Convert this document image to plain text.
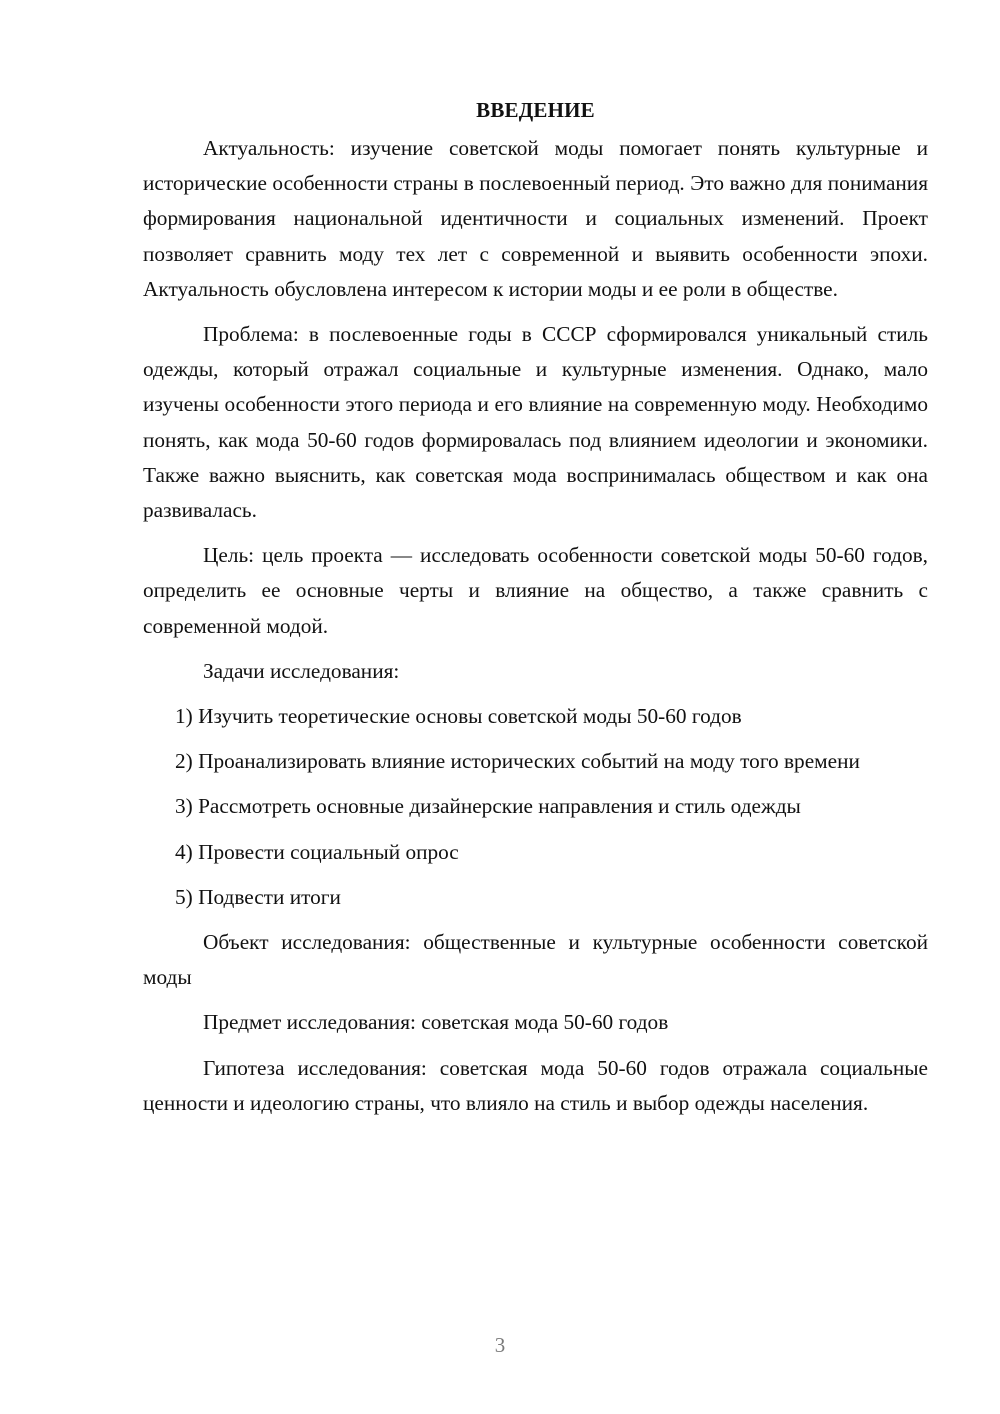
ВВЕДЕНИЕ

Актуальность: изучение советской моды помогает понять культурные и исторические особенности страны в послевоенный период. Это важно для понимания формирования национальной идентичности и социальных изменений. Проект позволяет сравнить моду тех лет с современной и выявить особенности эпохи. Актуальность обусловлена интересом к истории моды и ее роли в обществе.

Проблема: в послевоенные годы в СССР сформировался уникальный стиль одежды, который отражал социальные и культурные изменения. Однако, мало изучены особенности этого периода и его влияние на современную моду. Необходимо понять, как мода 50-60 годов формировалась под влиянием идеологии и экономики. Также важно выяснить, как советская мода воспринималась обществом и как она развивалась.

Цель: цель проекта — исследовать особенности советской моды 50-60 годов, определить ее основные черты и влияние на общество, а также сравнить с современной модой.

Задачи исследования:

1) Изучить теоретические основы советской моды 50-60 годов

2) Проанализировать влияние исторических событий на моду того времени

3) Рассмотреть основные дизайнерские направления и стиль одежды

4) Провести социальный опрос

5) Подвести итоги

Объект исследования: общественные и культурные особенности советской моды

Предмет исследования: советская мода 50-60 годов

Гипотеза исследования: советская мода 50-60 годов отражала социальные ценности и идеологию страны, что влияло на стиль и выбор одежды населения.

3
